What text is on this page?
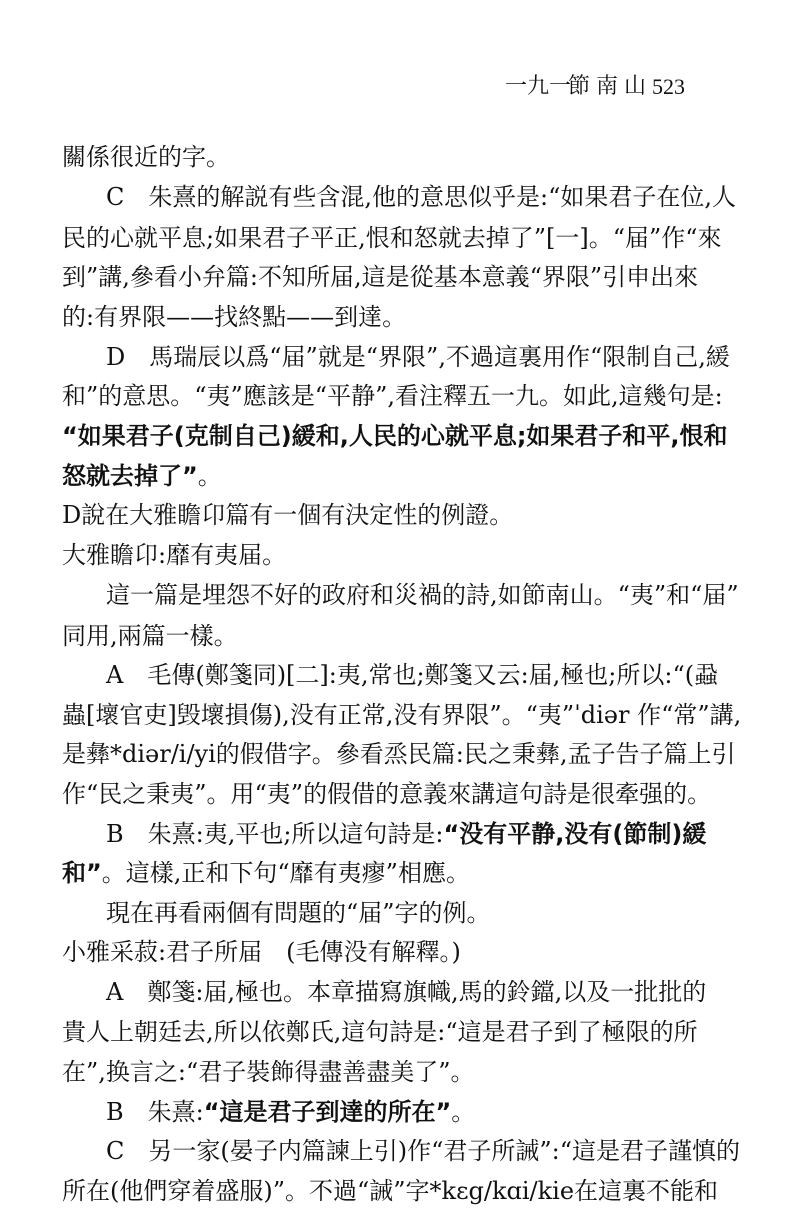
一九一
節南山 523
關係很近的字。
C　朱熹的解説有些含混,他的意思似乎是:“如果君子在位,人
民的心就平息;如果君子平正,恨和怒就去掉了”[一]。“届”作“來
到”講,參看小弁篇:不知所届,這是從基本意義“界限”引申出來
的:有界限——找終點——到達。
D　馬瑞辰以爲“届”就是“界限”,不過這裏用作“限制自己,緩
和”的意思。“夷”應該是“平静”,看注釋五一九。如此,這幾句是:
“如果君子(克制自己)緩和,人民的心就平息;如果君子和平,恨和
怒就去掉了”。
D說在大雅瞻卬篇有一個有決定性的例證。
大雅瞻卬:靡有夷届。
這一篇是埋怨不好的政府和災禍的詩,如節南山。“夷”和“届”
同用,兩篇一樣。
A　毛傳(鄭箋同)[二]:夷,常也;鄭箋又云:届,極也;所以:“(蝨
蟲[壞官吏]毁壞損傷),没有正常,没有界限”。“夷”ˈdiər 作“常”講,
是彝*diər/i/yi的假借字。參看烝民篇:民之秉彝,孟子告子篇上引
作“民之秉夷”。用“夷”的假借的意義來講這句詩是很牽强的。
B　朱熹:夷,平也;所以這句詩是:“没有平静,没有(節制)緩
和”。這樣,正和下句“靡有夷瘳”相應。
現在再看兩個有問題的“届”字的例。
小雅采菽:君子所届　(毛傳没有解釋。)
A　鄭箋:届,極也。本章描寫旗幟,馬的鈴鐺,以及一批批的
貴人上朝廷去,所以依鄭氏,這句詩是:“這是君子到了極限的所
在”,换言之:“君子裝飾得盡善盡美了”。
B　朱熹:“這是君子到達的所在”。
C　另一家(晏子内篇諫上引)作“君子所誡”:“這是君子謹慎的
所在(他們穿着盛服)”。不過“誡”字*kɛg/kɑi/kie在這裏不能和
